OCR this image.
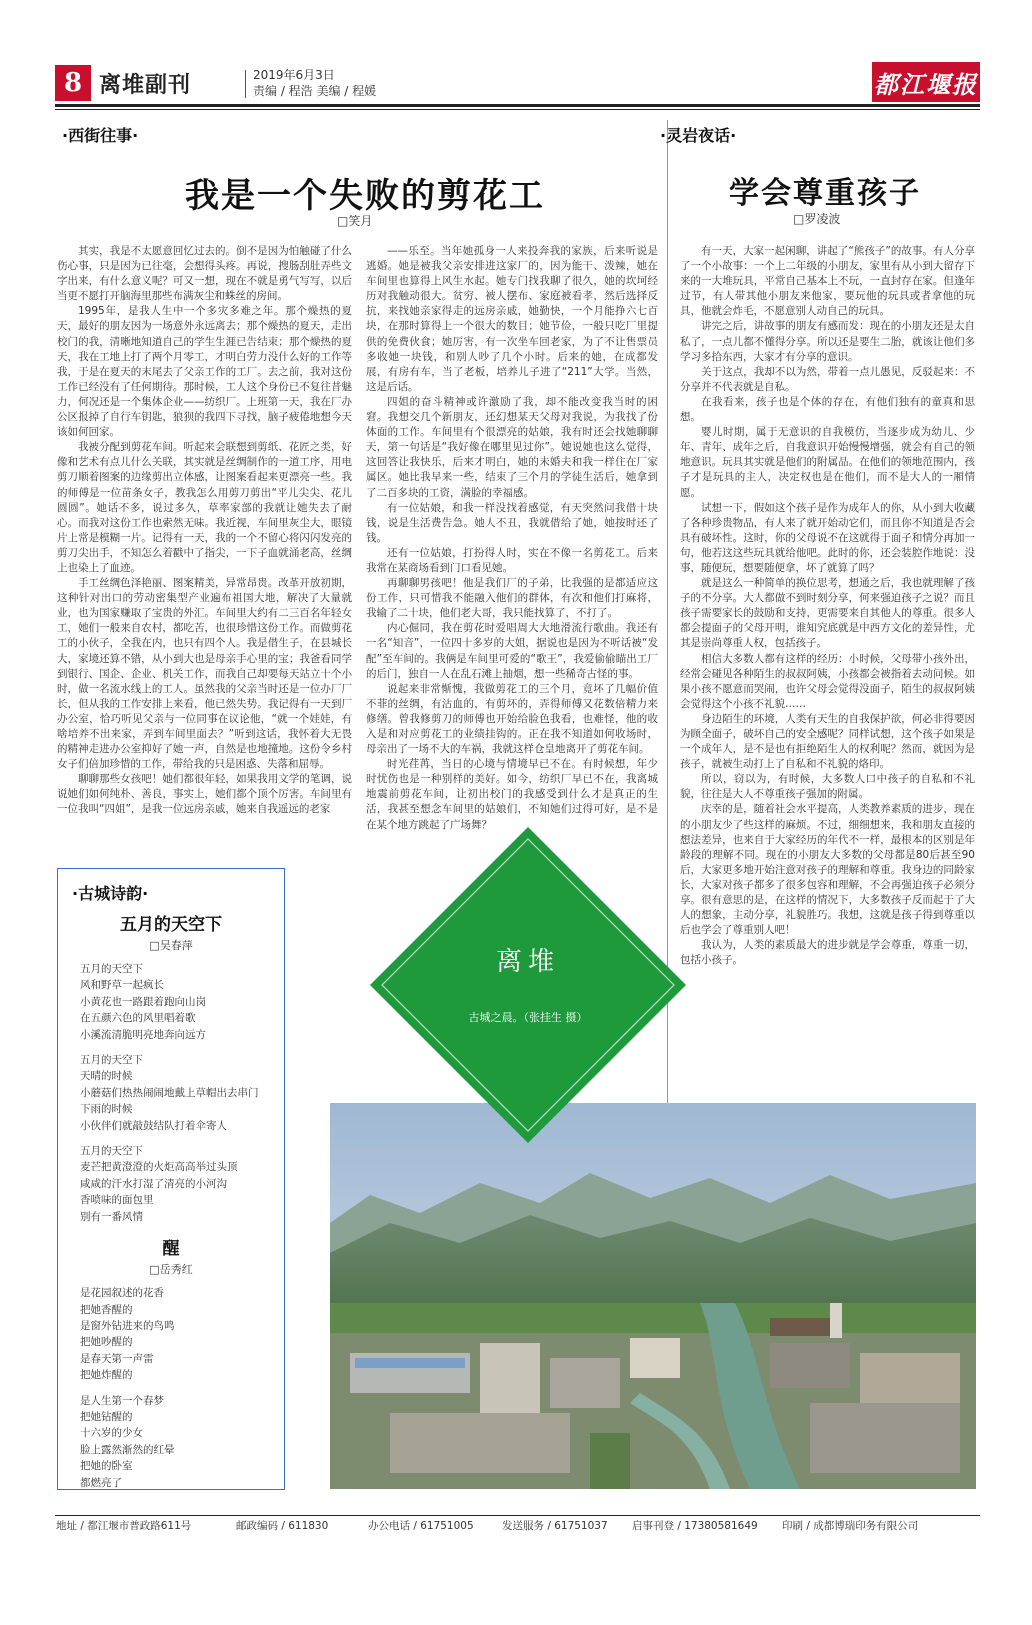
8 离堆副刊	2019年6月3日
责编 / 程浩 美编 / 程媛	都江堰报
·西街往事·
我是一个失败的剪花工
□笑月

其实，我是不太愿意回忆过去的。倒不是因为怕触碰了什么伤心事，只是因为已往毫，会想得头疼。再说，搜肠刮肚弄些文字出来，有什么意义呢？可又一想，现在不就是勇气写写，以后当更不愿打开脑海里那些布满灰尘和蛛丝的房间。

1995年，是我人生中一个多灾多难之年。那个燥热的夏天，最好的朋友因为一场意外永远离去；那个燥热的夏天，走出校门的我，清晰地知道自己的学生生涯已告结束；那个燥热的夏天，我在工地上打了两个月零工，才明白劳力没什么好的工作等我，于是在夏天的末尾去了父亲工作的工厂。去之前，我对这份工作已经没有了任何期待。那时候，工人这个身份已不复往昔魅力，何况还是一个集体企业——纺织厂。上班第一天，我在厂办公区报掉了自行车钥匙，狼狈的我四下寻找，脑子疲倦地想今天该如何回家。

我被分配到剪花车间。听起来会联想到剪纸、花匠之类，好像和艺术有点儿什么关联，其实就是丝绸制作的一道工序，用电剪刀顺着图案的边缘剪出立体感，让图案看起来更漂亮一些。我的师傅是一位苗条女子，教我怎么用剪刀剪出“平儿尖尖、花儿圆圆”。她话不多，说过多久，草率家部的我就让她失去了耐心。而我对这份工作也索然无味。我近视，车间里灰尘大，眼镜片上常是模糊一片。记得有一天，我的一个不留心将闪闪发亮的剪刀尖出手，不知怎么着戳中了指尖，一下子血就涌老高，丝绸上也染上了血迹。

手工丝绸色泽艳丽、图案精美，异常昂贵。改革开放初期，这种针对出口的劳动密集型产业遍布祖国大地，解决了大量就业，也为国家赚取了宝贵的外汇。车间里大约有二三百名年轻女工，她们一般来自农村，都吃苦，也很珍惜这份工作。而做剪花工的小伙子，全我在内，也只有四个人。我是借生子，在县城长大，家境还算不错，从小到大也是母亲手心里的宝；我爸看同学到银行、国企、企业、机关工作，而我自己却要每天站立十个小时，做一名流水线上的工人。虽然我的父亲当时还是一位办厂厂长，但从我的工作安排上来看，他已然失势。我记得有一天到厂办公室，恰巧听见父亲与一位同事在议论他，“就一个娃娃，有啥培养不出来家，弄到车间里面去？”听到这话，我怀着大无畏的精神走进办公室抑好了她一声，自然是也地撞地。这份令乡村女子们倍加珍惜的工作，带给我的只是困惑、失落和屈辱。

聊聊那些女孩吧！她们都很年轻，如果我用文学的笔调，说说她们如何纯朴、善良，事实上，她们都个顶个厉害。车间里有一位我叫“四姐”，是我一位远房亲戚，她来自我遥远的老家

——乐至。当年她孤身一人来投奔我的家族，后来听说是逃婚。她是被我父亲安排进这家厂的，因为能干、泼辣，她在车间里也算得上风生水起。她专门找我聊了很久，她的坎坷经历对我触动很大。贫穷、被人摆布、家庭被看孝，然后选择反抗，来找她亲家得走的远房亲戚，她勤快，一个月能挣六七百块，在那时算得上一个很大的数目；她节俭，一般只吃厂里提供的免费伙食；她厉害，有一次坐车回老家，为了不让售票员多收她一块钱，和别人吵了几个小时。后来的她，在成都发展，有房有车，当了老板，培养儿子进了“211”大学。当然，这是后话。

四姐的奋斗精神或许激励了我，却不能改变我当时的困窘。我想交几个新朋友，还幻想某天父母对我说，为我找了份体面的工作。车间里有个很漂亮的姑娘，我有时还会找她聊聊天，第一句话是“我好像在哪里见过你”。她说她也这么觉得，这回答让我快乐，后来才明白，她的未婚夫和我一样住在厂家属区。她比我早来一些，结束了三个月的学徒生活后，她拿到了二百多块的工资，满脸的幸福感。

有一位姑娘，和我一样没找着感觉，有天突然问我借十块钱，说是生活费告急。她人不丑，我就借给了她，她按时还了钱。

还有一位姑娘，打扮得人时，实在不像一名剪花工。后来我常在某商场看到门口看见她。

再聊聊男孩吧！他是我们厂的子弟，比我强的是都适应这份工作，只可惜我不能融入他们的群体，有次和他们打麻将，我输了二十块，他们老大哥，我只能找算了，不打了。

内心倔同，我在剪花时爱唱周大大地滑流行歌曲。我还有一名“知音”，一位四十多岁的大姐，据说也是因为不听话被“发配”至车间的。我俩是车间里可爱的“歌王”，我爱偷偷瞄出工厂的后门，独自一人在乱石滩上抽烟，想一些稀奇古怪的事。

说起来非常惭愧，我做剪花工的三个月，竟坏了几幅价值不菲的丝绸，有沾血的，有剪坏的，弄得师傅又花数倍精力来修缮。曾我修剪刀的师傅也开始给脸色我看，也难怪，他的收入是和对应剪花工的业绩挂钩的。正在我不知道如何收场时，母亲出了一场不大的车祸，我就这样仓皇地离开了剪花车间。

时光荏苒，当日的心境与情境早已不在。有时候想，年少时忧伤也是一种别样的美好。如今，纺织厂早已不在，我离城地震前剪花车间，让初出校门的我感受到什么才是真正的生活，我甚至想念车间里的姑娘们，不知她们过得可好，是不是在某个地方跳起了广场舞？

·灵岩夜话·
学会尊重孩子
□罗凌波

有一天，大家一起闲聊，讲起了“熊孩子”的故事。有人分享了一个小故事：一个上二年级的小朋友，家里有从小到大留存下来的一大堆玩具，平常自己基本上不玩，一直封存在家。但逢年过节，有人带其他小朋友来他家，要玩他的玩具或者拿他的玩具，他就会炸毛，不愿意别人动自己的玩具。

讲完之后，讲故事的朋友有感而发：现在的小朋友还是太自私了，一点儿都不懂得分享。所以还是要生二胎，就该让他们多学习多拾东西，大家才有分享的意识。

关于这点，我却不以为然，带着一点儿愚见，反驳起来：不分享并不代表就是自私。

在我看来，孩子也是个体的存在，有他们独有的童真和思想。

婴儿时期，属于无意识的自我模仿，当逐步成为幼儿、少年、青年、成年之后，自我意识开始慢慢增强，就会有自己的领地意识。玩具其实就是他们的附属品。在他们的领地范围内，孩子才是玩具的主人，决定权也是在他们，而不是大人的一厢情愿。

试想一下，假如这个孩子是作为成年人的你，从小到大收藏了各种珍贵物品，有人来了就开始动它们，而且你不知道是否会具有破坏性。这时，你的父母说不在这就得于面子和情分再加一句，他若这这些玩具就给他吧。此时的你，还会装腔作地说：没事，随便玩，想要随便拿，坏了就算了吗？

就是这么一种简单的换位思考，想通之后，我也就理解了孩子的不分享。大人都做不到时刻分享，何来强迫孩子之说？而且孩子需要家长的鼓励和支持，更需要来自其他人的尊重。很多人都会提面子的父母开明，谁知究底就是中西方文化的差异性，尤其是崇尚尊重人权，包括孩子。

相信大多数人都有这样的经历：小时候，父母带小孩外出，经常会碰见各种陌生的叔叔阿姨，小孩都会被指着去动问候。如果小孩不愿意而哭闹，也许父母会觉得没面子，陌生的叔叔阿姨会觉得这个小孩不礼貌……

身边陌生的环境，人类有天生的自我保护欲，何必非得要因为顾全面子，破坏自己的安全感呢？同样试想，这个孩子如果是一个成年人，是不是也有拒绝陌生人的权利呢？然而，就因为是孩子，就被生动打上了自私和不礼貌的烙印。

所以，窃以为，有时候，大多数人口中孩子的自私和不礼貌，往往是大人不尊重孩子强加的附属。

庆幸的是，随着社会水平提高，人类教养素质的进步，现在的小朋友少了些这样的麻烦。不过，细细想来，我和朋友直接的想法差异，也来自于大家经历的年代不一样，最根本的区别是年龄段的理解不同。现在的小朋友大多数的父母都是80后甚至90后，大家更多地开始注意对孩子的理解和尊重。我身边的同龄家长，大家对孩子都多了很多包容和理解，不会再强迫孩子必须分享。很有意思的是，在这样的情况下，大多数孩子反而起于了大人的想象，主动分享，礼貌胜巧。我想，这就是孩子得到尊重以后也学会了尊重别人吧！

我认为，人类的素质最大的进步就是学会尊重，尊重一切，包括小孩子。

·古城诗韵·
五月的天空下
□吴春萍
五月的天空下
风和野草一起疯长
小黄花也一路跟着跑向山岗
在五颜六色的风里唱着歌
小溪流清脆明亮地奔向远方
五月的天空下
天晴的时候
小蘑菇们热热闹闹地戴上草帽出去串门
下雨的时候
小伙伴们就敲鼓结队打着伞寄人
五月的天空下
麦芒把黄澄澄的火炬高高举过头顶
咸咸的汗水打湿了清亮的小河沟
香喷味的面包里
别有一番风情
醒
□岳秀红
是花园叙述的花香
把她香醒的
是窗外钻进来的鸟鸣
把她吵醒的
是春天第一声雷
把她炸醒的
是人生第一个春梦
把她钻醒的
十六岁的少女
脸上露然渐然的红晕
把她的卧室
都燃亮了
离堆
古城之晨。（张挂生 摄）
地址 / 都江堰市普政路611号	邮政编码 / 611830	办公电话 / 61751005	发送服务 / 61751037 启事刊登 / 17380581649 印刷 / 成都博瑞印务有限公司
